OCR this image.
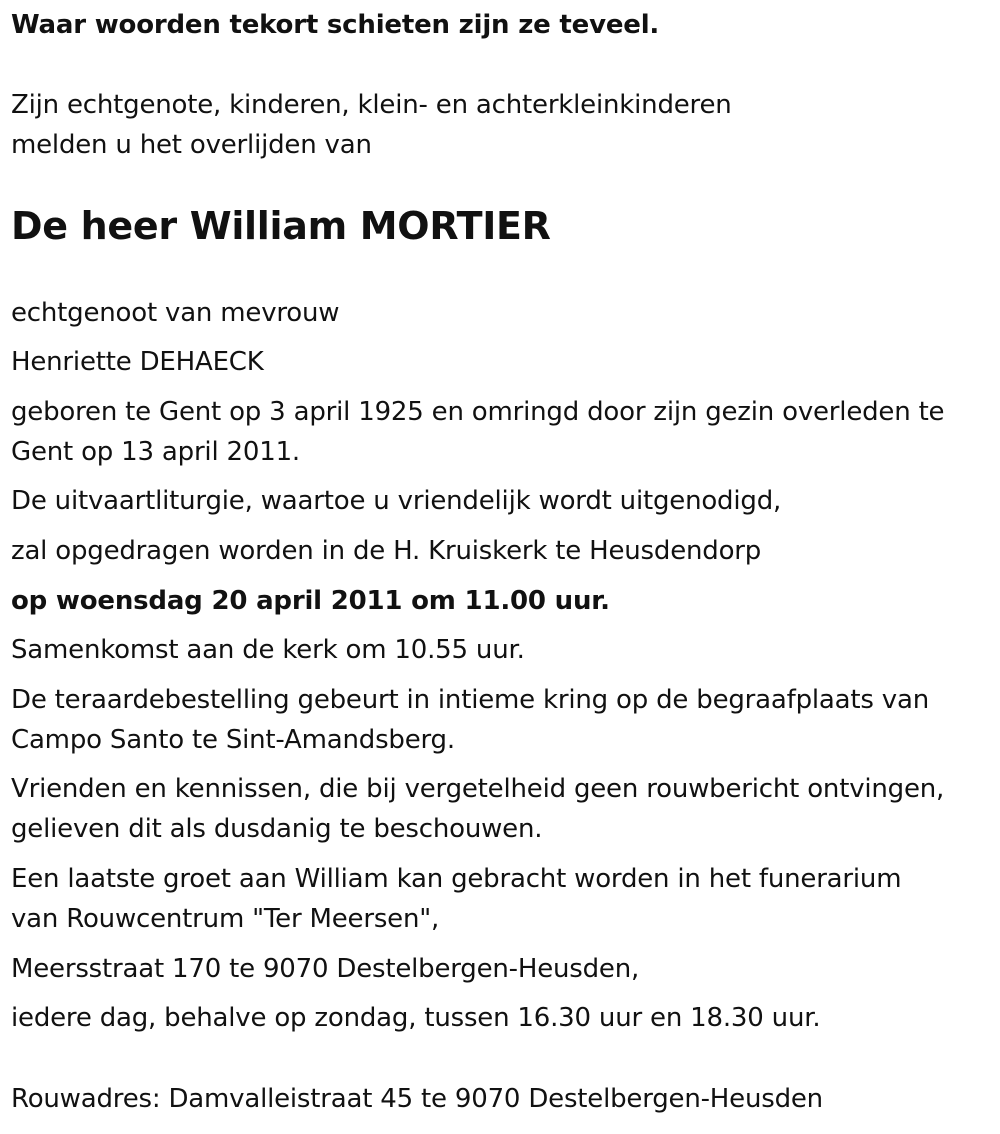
Waar woorden tekort schieten zijn ze teveel.

Zijn echtgenote, kinderen, klein- en achterkleinkinderen

melden u het overlijden van

De heer William MORTIER

echtgenoot van mevrouw

Henriette DEHAECK

geboren te Gent op 3 april 1925 en omringd door zijn gezin overleden te

Gent op 13 april 2011.

De uitvaartliturgie, waartoe u vriendelijk wordt uitgenodigd,

zal opgedragen worden in de H. Kruiskerk te Heusdendorp

op woensdag 20 april 2011 om 11.00 uur.

Samenkomst aan de kerk om 10.55 uur.

De teraardebestelling gebeurt in intieme kring op de begraafplaats van

Campo Santo te Sint-Amandsberg.

Vrienden en kennissen, die bij vergetelheid geen rouwbericht ontvingen,

gelieven dit als dusdanig te beschouwen.

Een laatste groet aan William kan gebracht worden in het funerarium

van Rouwcentrum "Ter Meersen",

Meersstraat 170 te 9070 Destelbergen-Heusden,

iedere dag, behalve op zondag, tussen 16.30 uur en 18.30 uur.

Rouwadres: Damvalleistraat 45 te 9070 Destelbergen-Heusden
